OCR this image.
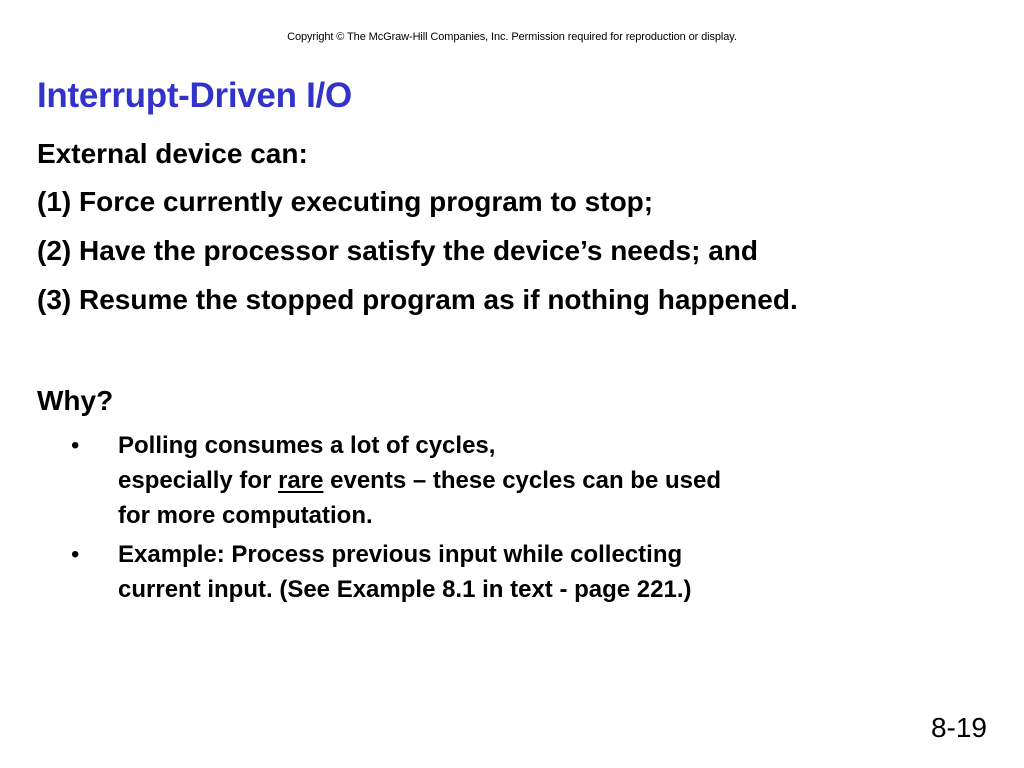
Copyright © The McGraw-Hill Companies, Inc. Permission required for reproduction or display.
Interrupt-Driven I/O

External device can:

(1) Force currently executing program to stop;

(2) Have the processor satisfy the device’s needs; and

(3) Resume the stopped program as if nothing happened.

Why?

•	Polling consumes a lot of cycles,
especially for rare events – these cycles can be used
for more computation.
•	Example: Process previous input while collecting
current input. (See Example 8.1 in text - page 221.)
8-19
